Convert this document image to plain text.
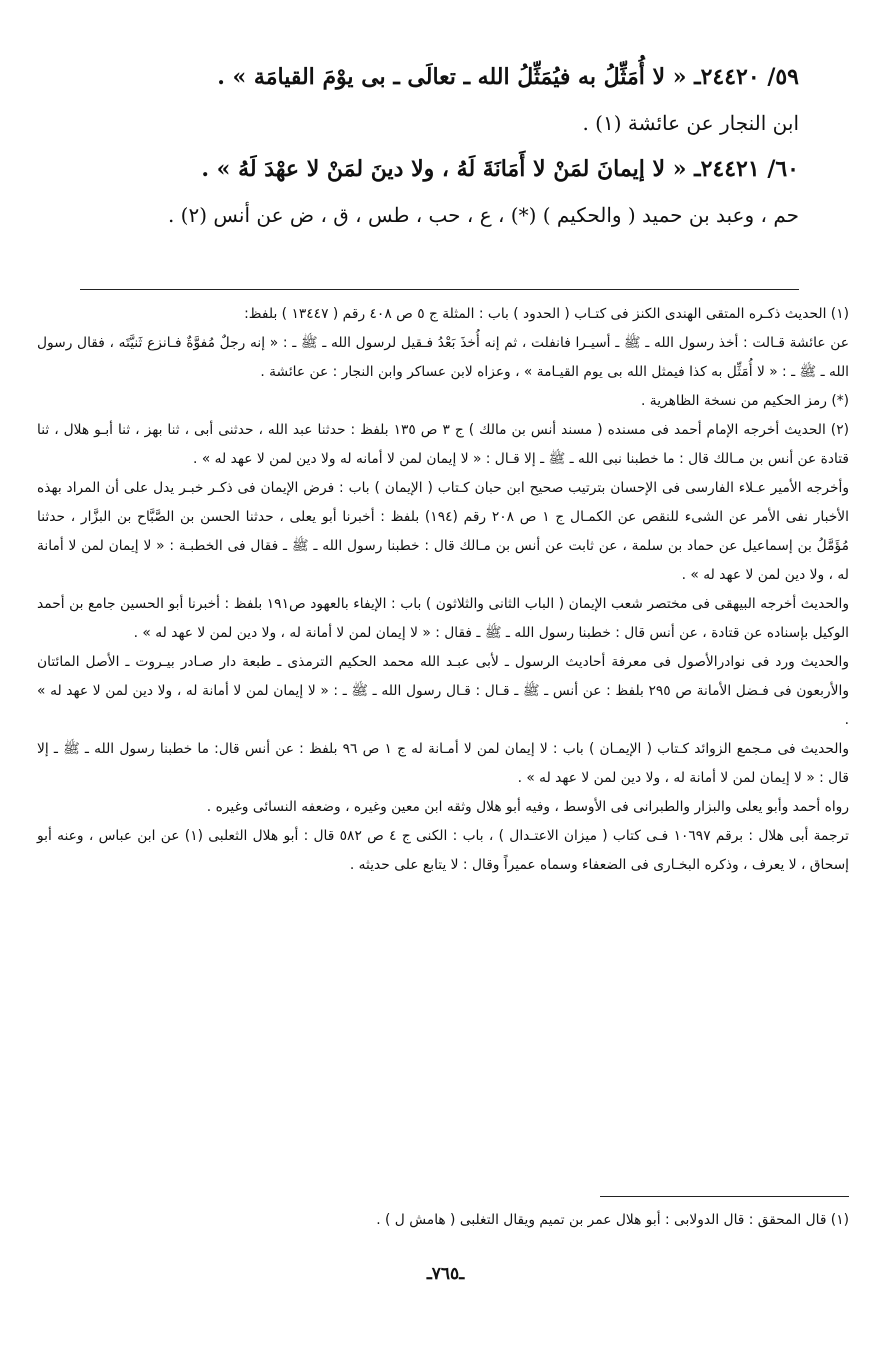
٥٩/ ٢٤٤٢٠ـ « لا أُمَثِّلُ به فيُمَثِّلُ الله ـ تعالَى ـ بى يوْمَ القيامَة » .

ابن النجار عن عائشة (١) .

٦٠/ ٢٤٤٢١ـ « لا إيمانَ لمَنْ لا أَمَانَةَ لَهُ ، ولا دينَ لمَنْ لا عهْدَ لَهُ » .

حم ، وعبد بن حميد ( والحكيم ) (*) ، ع ، حب ، طس ، ق ، ض عن أنس (٢) .

(١) الحديث ذكـره المتقى الهندى الكنز فى كتـاب ( الحدود ) باب : المثلة ج ٥ ص ٤٠٨ رقم ( ١٣٤٤٧ ) بلفظ:

عن عائشة قـالت : أخذ رسول الله ـ ﷺ ـ أسيـرا فانفلت ، ثم إنه أُخذَ بَعْدُ فـقيل لرسول الله ـ ﷺ ـ : « إنه رجلٌ مُفوَّةٌ فـانزع ثَنيَّتَه ، فقال رسول الله ـ ﷺ ـ : « لا أُمَثِّل به كذا فيمثل الله بى يوم القيـامة » ، وعزاه لابن عساكر وابن النجار : عن عائشة .

(*) رمز الحكيم من نسخة الظاهرية .

(٢) الحديث أخرجه الإمام أحمد فى مسنده ( مسند أنس بن مالك ) ج ٣ ص ١٣٥ بلفظ : حدثنا عبد الله ، حدثنى أبى ، ثنا بهز ، ثنا أبـو هلال ، ثنا قتادة عن أنس بن مـالك قال : ما خطبنا نبى الله ـ ﷺ ـ إلا قـال : « لا إيمان لمن لا أمانه له ولا دين لمن لا عهد له » .

وأخرجه الأمير عـلاء الفارسى فى الإحسان بترتيب صحيح ابن حبان كـتاب ( الإيمان ) باب : فرض الإيمان فى ذكـر خبـر يدل على أن المراد بهذه الأخبار نفى الأمر عن الشىء للنقص عن الكمـال ج ١ ص ٢٠٨ رقم (١٩٤) بلفظ : أخبرنا أبو يعلى ، حدثنا الحسن بن الصَّبَّاح بن البزَّار ، حدثنا مُؤَمَّلُ بن إسماعيل عن حماد بن سلمة ، عن ثابت عن أنس بن مـالك قال : خطبنا رسول الله ـ ﷺ ـ فقال فى الخطبـة : « لا إيمان لمن لا أمانة له ، ولا دين لمن لا عهد له » .

والحديث أخرجه البيهقى فى مختصر شعب الإيمان ( الباب الثانى والثلاثون ) باب : الإيفاء بالعهود ص١٩١ بلفظ : أخبرنا أبو الحسين جامع بن أحمد الوكيل بإسناده عن قتادة ، عن أنس قال : خطبنا رسول الله ـ ﷺ ـ فقال : « لا إيمان لمن لا أمانة له ، ولا دين لمن لا عهد له » .

والحديث ورد فى نوادرالأصول فى معرفة أحاديث الرسول ـ لأبى عبـد الله محمد الحكيم الترمذى ـ طبعة دار صـادر بيـروت ـ الأصل المائتان والأربعون فى فـضل الأمانة ص ٢٩٥ بلفظ : عن أنس ـ ﷺ ـ قـال : قـال رسول الله ـ ﷺ ـ : « لا إيمان لمن لا أمانة له ، ولا دين لمن لا عهد له » .

والحديث فى مـجمع الزوائد كـتاب ( الإيمـان ) باب : لا إيمان لمن لا أمـانة له ج ١ ص ٩٦ بلفظ : عن أنس قال: ما خطبنا رسول الله ـ ﷺ ـ إلا قال : « لا إيمان لمن لا أمانة له ، ولا دين لمن لا عهد له » .

رواه أحمد وأبو يعلى والبزار والطبرانى فى الأوسط ، وفيه أبو هلال وثقه ابن معين وغيره ، وضعفه النسائى وغيره .

ترجمة أبى هلال : برقم ١٠٦٩٧ فـى كتاب ( ميزان الاعتـدال ) ، باب : الكنى ج ٤ ص ٥٨٢ قال : أبو هلال الثعلبى (١) عن ابن عباس ، وعنه أبو إسحاق ، لا يعرف ، وذكره البخـارى فى الضعفاء وسماه عميراً وقال : لا يتابع على حديثه .

(١) قال المحقق : قال الدولابى : أبو هلال عمر بن تميم ويقال التغلبى ( هامش ل ) .
ـ٧٦٥ـ
